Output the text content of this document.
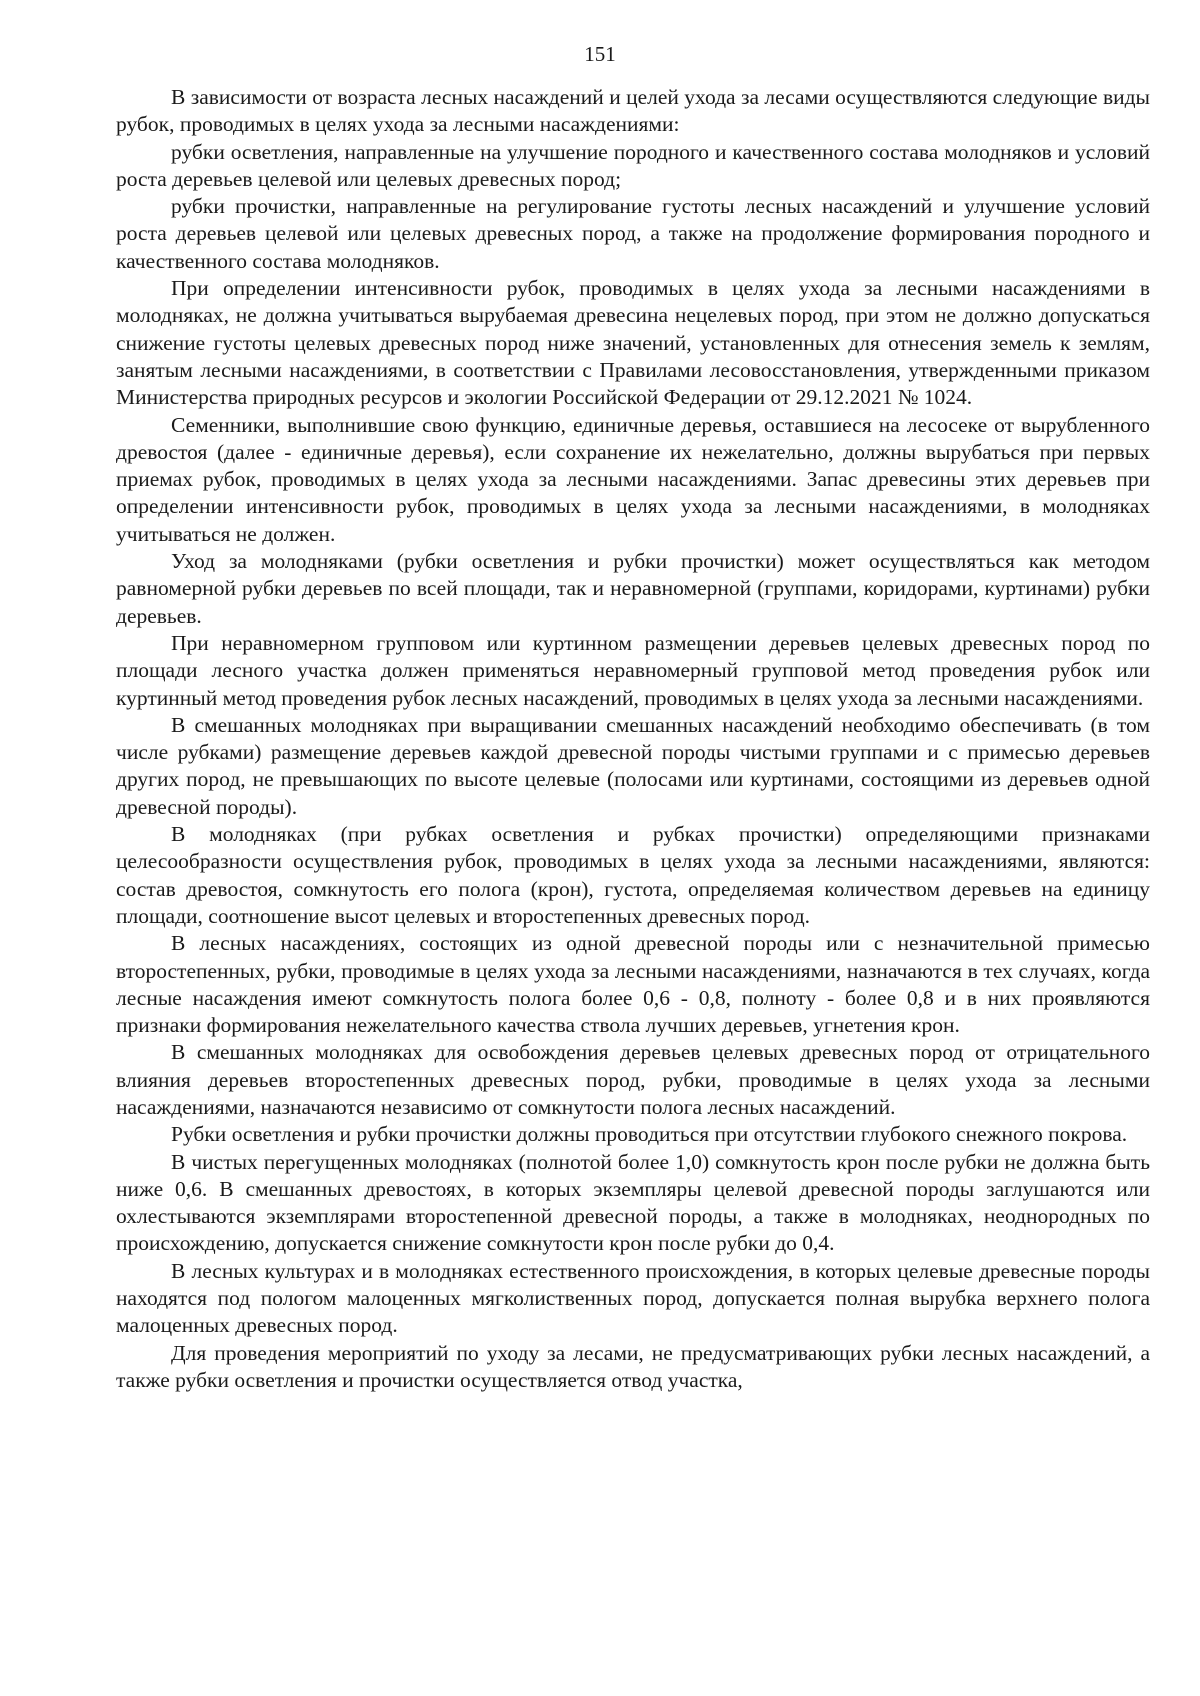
151

В зависимости от возраста лесных насаждений и целей ухода за лесами осуществляются следующие виды рубок, проводимых в целях ухода за лесными насаждениями:

рубки осветления, направленные на улучшение породного и качественного состава молодняков и условий роста деревьев целевой или целевых древесных пород;

рубки прочистки, направленные на регулирование густоты лесных насаждений и улучшение условий роста деревьев целевой или целевых древесных пород, а также на продолжение формирования породного и качественного состава молодняков.

При определении интенсивности рубок, проводимых в целях ухода за лесными насаждениями в молодняках, не должна учитываться вырубаемая древесина нецелевых пород, при этом не должно допускаться снижение густоты целевых древесных пород ниже значений, установленных для отнесения земель к землям, занятым лесными насаждениями, в соответствии с Правилами лесовосстановления, утвержденными приказом Министерства природных ресурсов и экологии Российской Федерации от 29.12.2021 № 1024.

Семенники, выполнившие свою функцию, единичные деревья, оставшиеся на лесосеке от вырубленного древостоя (далее - единичные деревья), если сохранение их нежелательно, должны вырубаться при первых приемах рубок, проводимых в целях ухода за лесными насаждениями. Запас древесины этих деревьев при определении интенсивности рубок, проводимых в целях ухода за лесными насаждениями, в молодняках учитываться не должен.

Уход за молодняками (рубки осветления и рубки прочистки) может осуществляться как методом равномерной рубки деревьев по всей площади, так и неравномерной (группами, коридорами, куртинами) рубки деревьев.

При неравномерном групповом или куртинном размещении деревьев целевых древесных пород по площади лесного участка должен применяться неравномерный групповой метод проведения рубок или куртинный метод проведения рубок лесных насаждений, проводимых в целях ухода за лесными насаждениями.

В смешанных молодняках при выращивании смешанных насаждений необходимо обеспечивать (в том числе рубками) размещение деревьев каждой древесной породы чистыми группами и с примесью деревьев других пород, не превышающих по высоте целевые (полосами или куртинами, состоящими из деревьев одной древесной породы).

В молодняках (при рубках осветления и рубках прочистки) определяющими признаками целесообразности осуществления рубок, проводимых в целях ухода за лесными насаждениями, являются: состав древостоя, сомкнутость его полога (крон), густота, определяемая количеством деревьев на единицу площади, соотношение высот целевых и второстепенных древесных пород.

В лесных насаждениях, состоящих из одной древесной породы или с незначительной примесью второстепенных, рубки, проводимые в целях ухода за лесными насаждениями, назначаются в тех случаях, когда лесные насаждения имеют сомкнутость полога более 0,6 - 0,8, полноту - более 0,8 и в них проявляются признаки формирования нежелательного качества ствола лучших деревьев, угнетения крон.

В смешанных молодняках для освобождения деревьев целевых древесных пород от отрицательного влияния деревьев второстепенных древесных пород, рубки, проводимые в целях ухода за лесными насаждениями, назначаются независимо от сомкнутости полога лесных насаждений.

Рубки осветления и рубки прочистки должны проводиться при отсутствии глубокого снежного покрова.

В чистых перегущенных молодняках (полнотой более 1,0) сомкнутость крон после рубки не должна быть ниже 0,6. В смешанных древостоях, в которых экземпляры целевой древесной породы заглушаются или охлестываются экземплярами второстепенной древесной породы, а также в молодняках, неоднородных по происхождению, допускается снижение сомкнутости крон после рубки до 0,4.

В лесных культурах и в молодняках естественного происхождения, в которых целевые древесные породы находятся под пологом малоценных мягколиственных пород, допускается полная вырубка верхнего полога малоценных древесных пород.

Для проведения мероприятий по уходу за лесами, не предусматривающих рубки лесных насаждений, а также рубки осветления и прочистки осуществляется отвод участка,
